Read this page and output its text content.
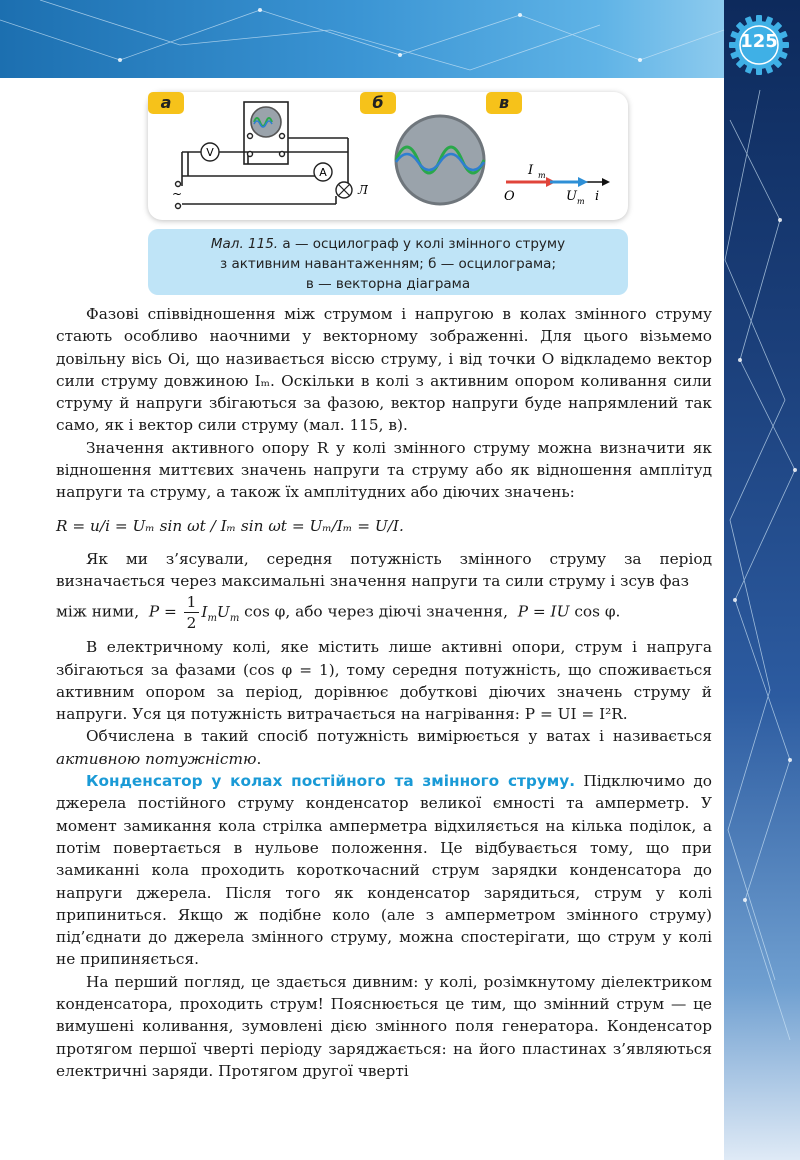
125
а	б	в
V
A
Л
~
I m
O	U m i
Мал. 115. а — осцилограф у колі змінного струму
з активним навантаженням; б — осцилограма;
в — векторна діаграма

Фазові співвідношення між струмом і напругою в колах змінного струму стають особливо наочними у векторному зображенні. Для цього візьмемо довільну вісь Oi, що називається віссю струму, і від точки O відкладемо вектор сили струму довжиною Iₘ. Оскільки в колі з активним опором коливання сили струму й напруги збігаються за фазою, вектор напруги буде напрямлений так само, як і вектор сили струму (мал. 115, в).

Значення активного опору R у колі змінного струму можна визначити як відношення миттєвих значень напруги та струму або як відношення амплітуд напруги та струму, а також їх амплітудних або діючих значень:

R = u/i = Uₘ sin ωt / Iₘ sin ωt = Uₘ/Iₘ = U/I.

Як ми з’ясували, середня потужність змінного струму за період визначається через максимальні значення напруги та сили струму і зсув фаз

між ними,  $P = \frac{1}{2} I_mU_m$ cos φ, або через діючі значення,  P = IU cos φ.

В електричному колі, яке містить лише активні опори, струм і напруга збігаються за фазами (cos φ = 1), тому середня потужність, що споживається активним опором за період, дорівнює добуткові діючих значень струму й напруги. Уся ця потужність витрачається на нагрівання: P = UI = I²R.

Обчислена в такий спосіб потужність вимірюється у ватах і називається активною потужністю.

Конденсатор у колах постійного та змінного струму. Підключимо до джерела постійного струму конденсатор великої ємності та амперметр. У момент замикання кола стрілка амперметра відхиляється на кілька поділок, а потім повертається в нульове положення. Це відбувається тому, що при замиканні кола проходить короткочасний струм зарядки конденсатора до напруги джерела. Після того як конденсатор зарядиться, струм у колі припиниться. Якщо ж подібне коло (але з амперметром змінного струму) під’єднати до джерела змінного струму, можна спостерігати, що струм у колі не припиняється.

На перший погляд, це здається дивним: у колі, розімкнутому діелектриком конденсатора, проходить струм! Пояснюється це тим, що змінний струм — це вимушені коливання, зумовлені дією змінного поля генератора. Конденсатор протягом першої чверті періоду заряджається: на його пластинах з’являються електричні заряди. Протягом другої чверті
